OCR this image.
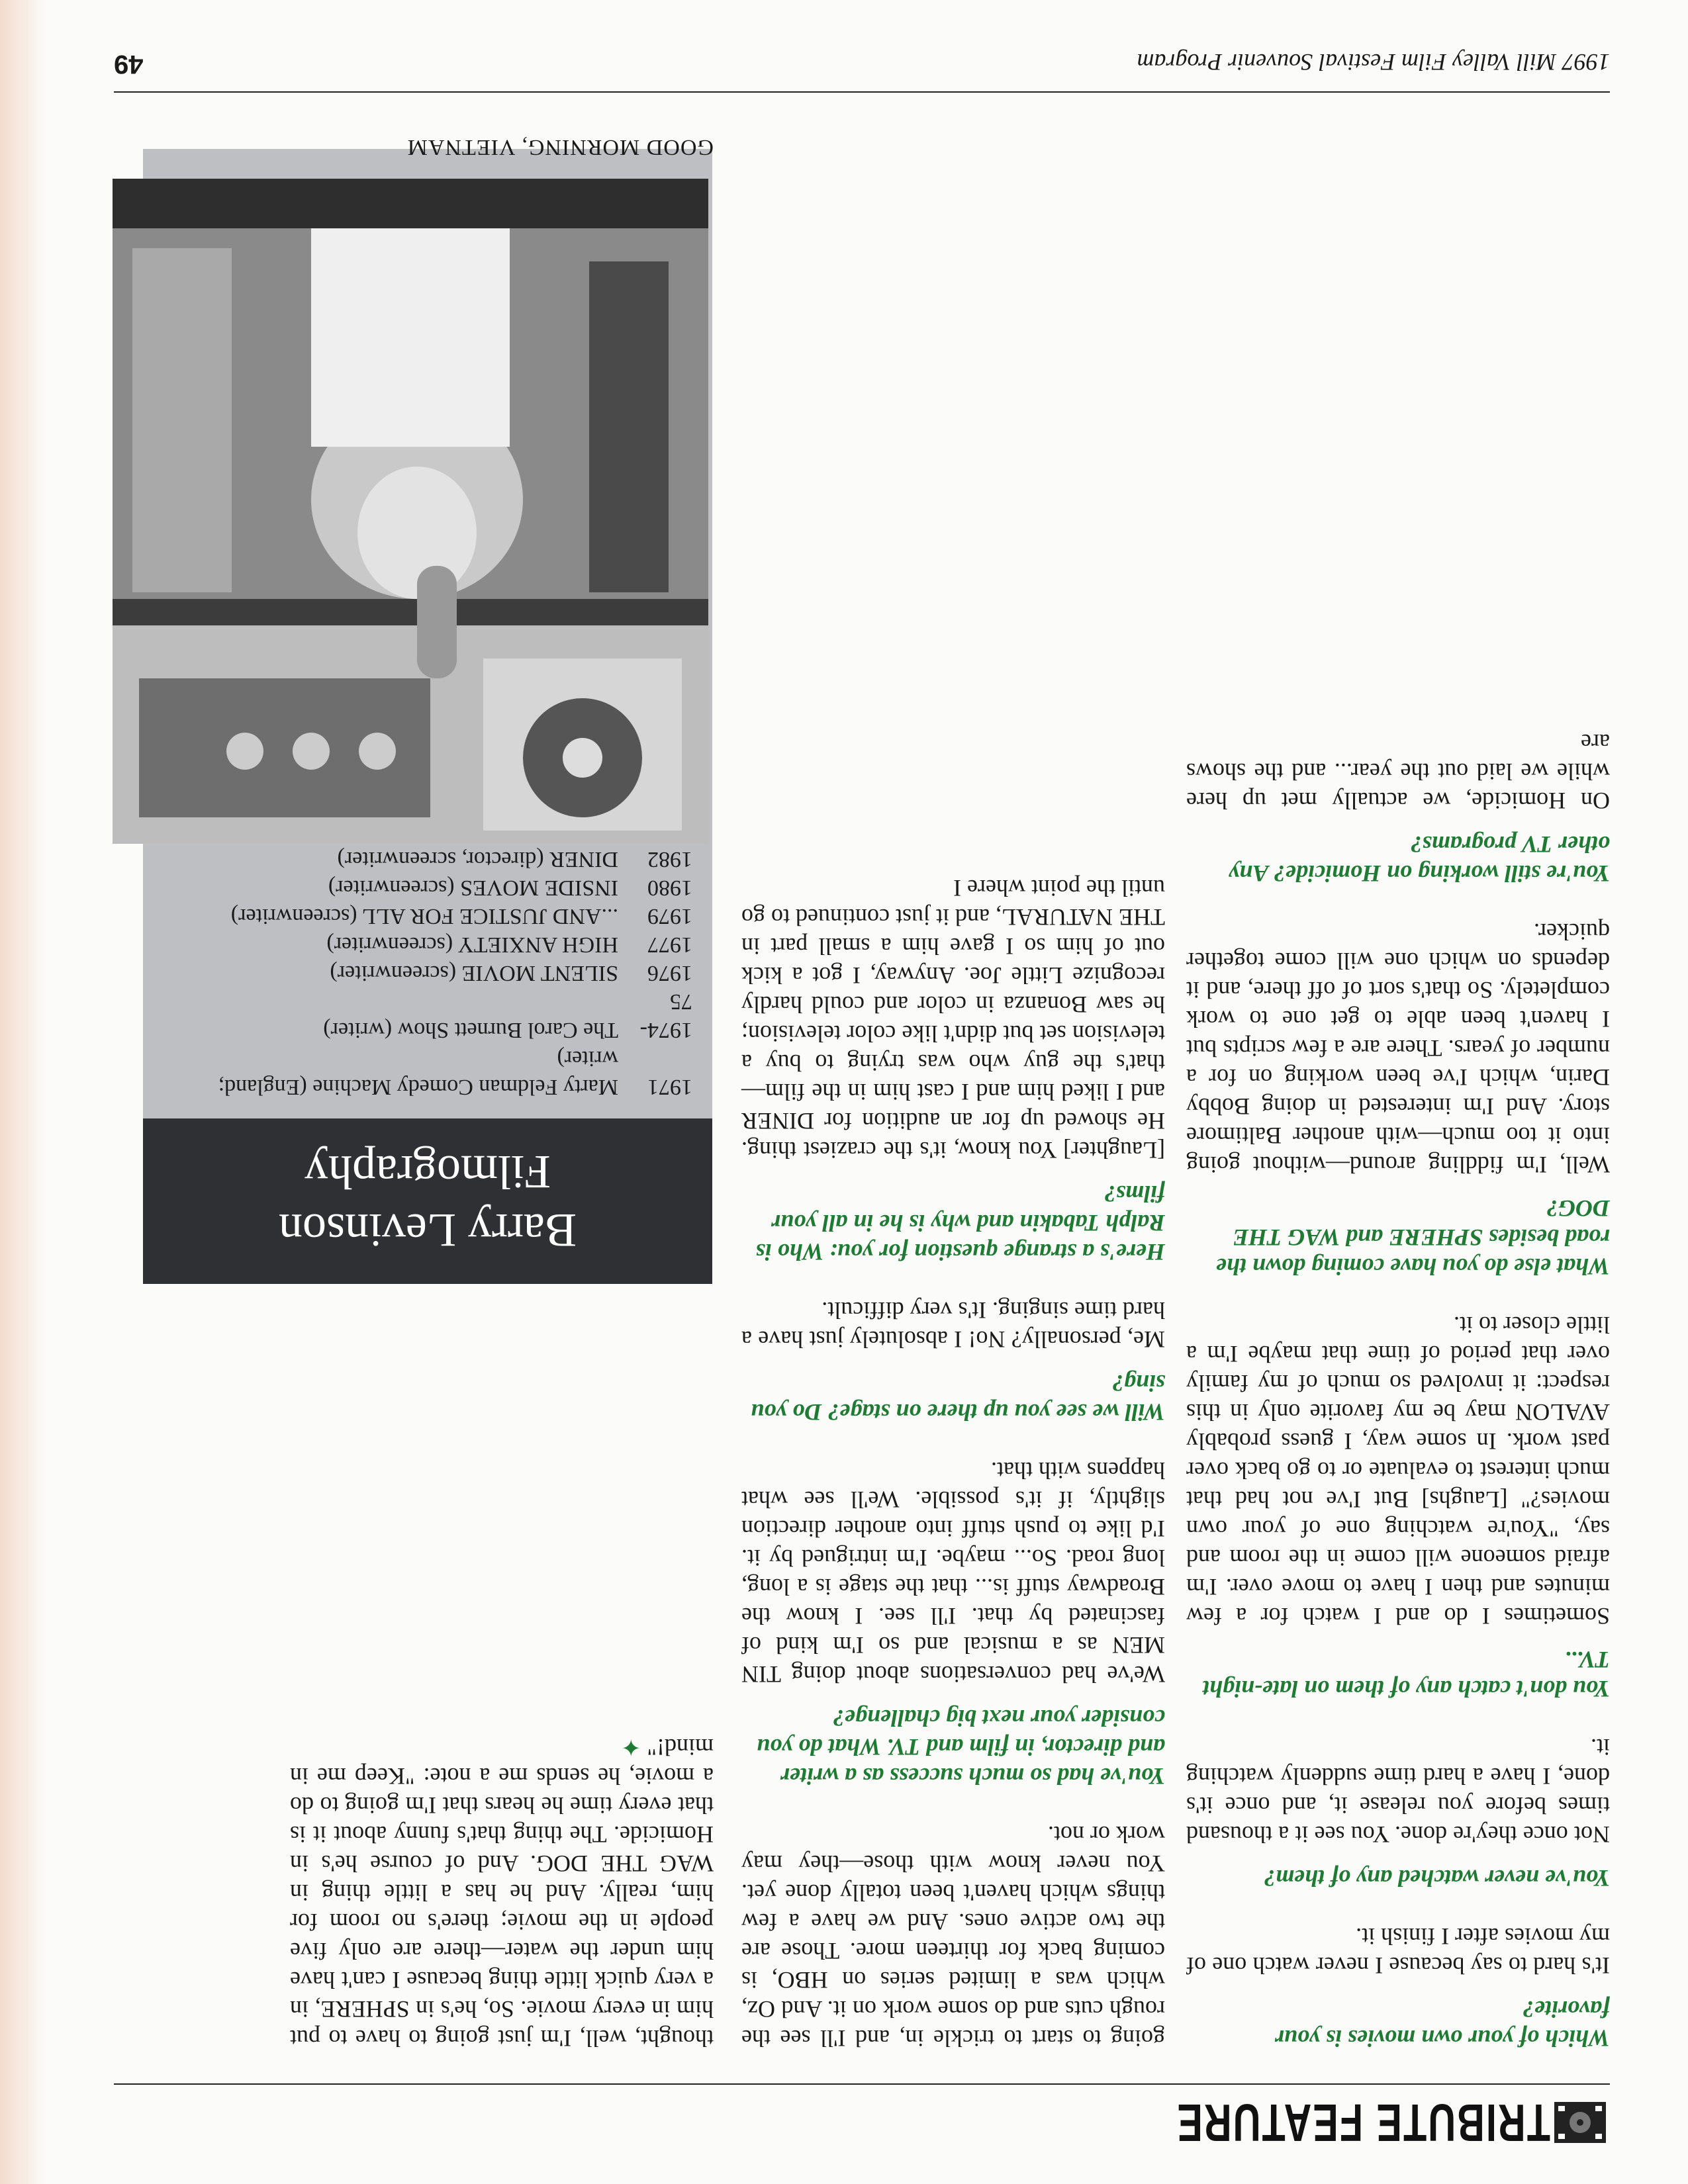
TRIBUTE FEATURE

Which of your own movies is your favorite?

It's hard to say because I never watch one of my movies after I finish it.

You've never watched any of them?

Not once they're done. You see it a thousand times before you release it, and once it's done, I have a hard time suddenly watching it.

You don't catch any of them on late-night TV...

Sometimes I do and I watch for a few minutes and then I have to move over. I'm afraid someone will come in the room and say, "You're watching one of your own movies?" [Laughs] But I've not had that much interest to evaluate or to go back over past work. In some way, I guess probably AVALON may be my favorite only in this respect: it involved so much of my family over that period of time that maybe I'm a little closer to it.

What else do you have coming down the road besides SPHERE and WAG THE DOG?

Well, I'm fiddling around—without going into it too much—with another Baltimore story. And I'm interested in doing Bobby Darin, which I've been working on for a number of years. There are a few scripts but I haven't been able to get one to work completely. So that's sort of off there, and it depends on which one will come together quicker.

You're still working on Homicide? Any other TV programs?

On Homicide, we actually met up here while we laid out the year... and the shows are

going to start to trickle in, and I'll see the rough cuts and do some work on it. And Oz, which was a limited series on HBO, is coming back for thirteen more. Those are the two active ones. And we have a few things which haven't been totally done yet. You never know with those—they may work or not.

You've had so much success as a writer and director, in film and TV. What do you consider your next big challenge?

We've had conversations about doing TIN MEN as a musical and so I'm kind of fascinated by that. I'll see. I know the Broadway stuff is... that the stage is a long, long road. So... maybe. I'm intrigued by it. I'd like to push stuff into another direction slightly, if it's possible. We'll see what happens with that.

Will we see you up there on stage? Do you sing?

Me, personally? No! I absolutely just have a hard time singing. It's very difficult.

Here's a strange question for you: Who is Ralph Tabakin and why is he in all your films?

[Laughter] You know, it's the craziest thing. He showed up for an audition for DINER and I liked him and I cast him in the film—that's the guy who was trying to buy a television set but didn't like color television; he saw Bonanza in color and could hardly recognize Little Joe. Anyway, I got a kick out of him so I gave him a small part in THE NATURAL, and it just continued to go until the point where I

thought, well, I'm just going to have to put him in every movie. So, he's in SPHERE, in a very quick little thing because I can't have him under the water—there are only five people in the movie; there's no room for him, really. And he has a little thing in WAG THE DOG. And of course he's in Homicide. The thing that's funny about it is that every time he hears that I'm going to do a movie, he sends me a note: "Keep me in mind!" ✦

Barry Levinson
Filmography
1971
Marty Feldman Comedy Machine (England; writer)
1974-75
The Carol Burnett Show (writer)
1976
SILENT MOVIE (screenwriter)
1977
HIGH ANXIETY (screenwriter)
1979
...AND JUSTICE FOR ALL (screenwriter)
1980
INSIDE MOVES (screenwriter)
1982
DINER (director, screenwriter)
GOOD MORNING, VIETNAM
1997 Mill Valley Film Festival Souvenir Program
49
